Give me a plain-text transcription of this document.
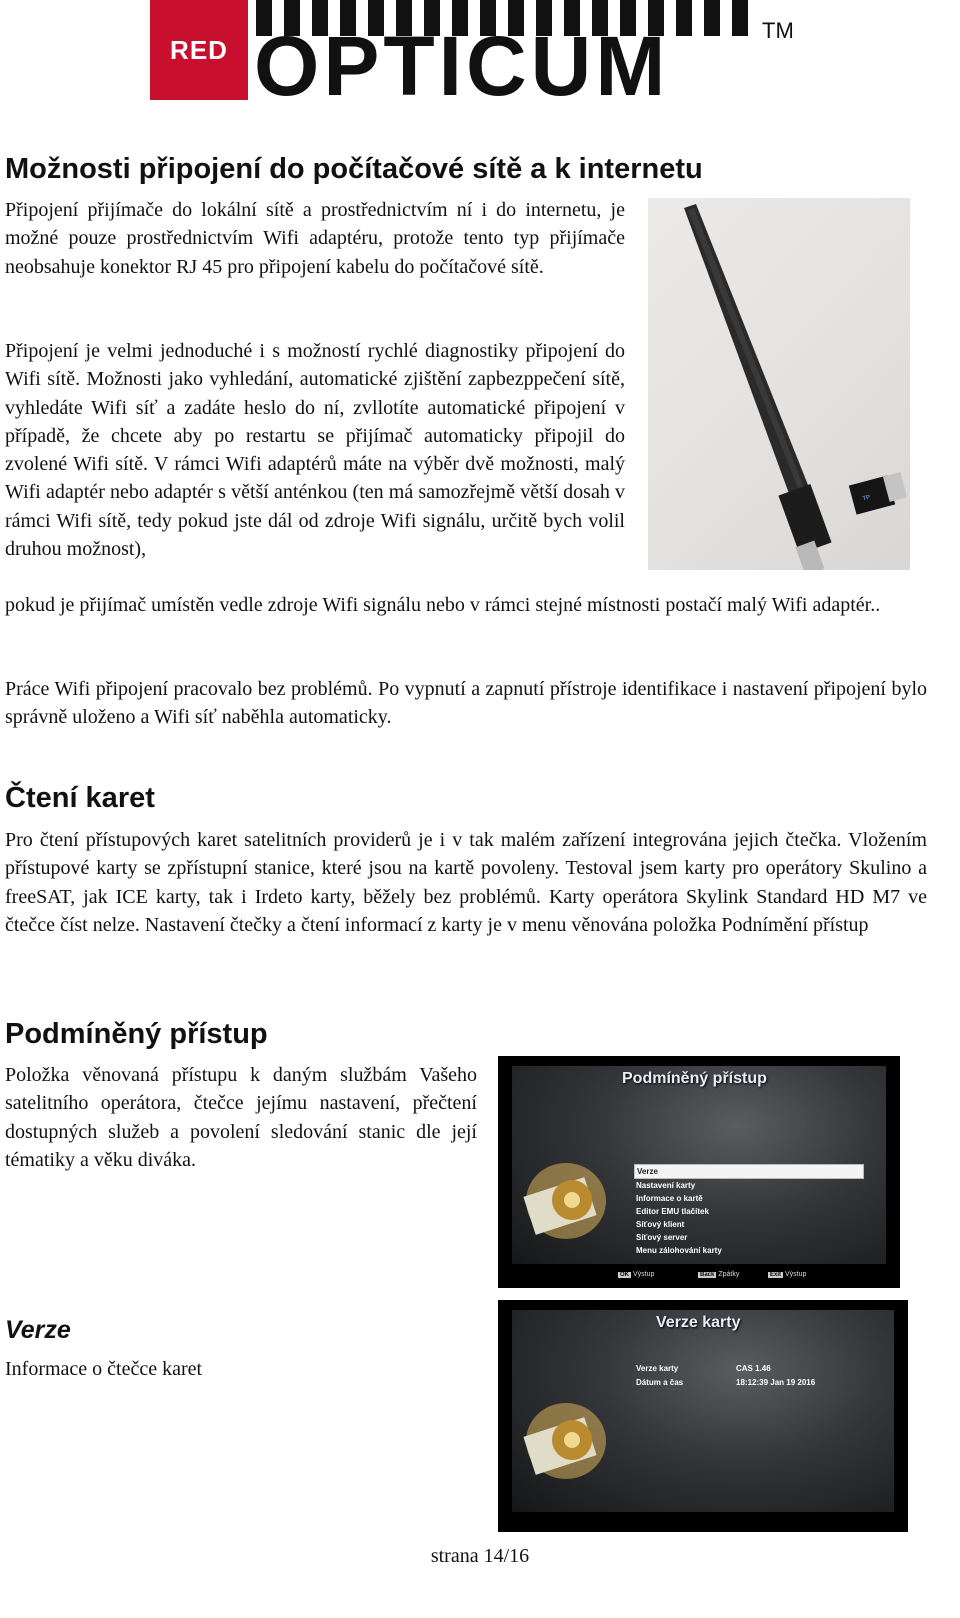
RED OPTICUM	TM
Možnosti připojení do počítačové sítě a k internetu

Připojení přijímače do lokální sítě a prostřednictvím ní i do internetu, je možné pouze prostřednictvím Wifi adaptéru, protože tento typ přijímače neobsahuje konektor RJ 45 pro připojení kabelu do počítačové sítě.

Připojení je velmi jednoduché i s možností rychlé diagnostiky připojení do Wifi sítě. Možnosti jako vyhledání, automatické zjištění zapbezppečení sítě, vyhledáte Wifi síť a zadáte heslo do ní, zvllotíte automatické připojení v případě, že chcete aby po restartu se přijímač automaticky připojil do zvolené Wifi sítě. V rámci Wifi adaptérů máte na výběr dvě možnosti, malý Wifi adaptér nebo adaptér s větší anténkou (ten má samozřejmě větší dosah v rámci Wifi sítě, tedy pokud jste dál od zdroje Wifi signálu, určitě bych volil druhou možnost),

pokud je přijímač umístěn vedle zdroje Wifi signálu nebo v rámci stejné místnosti postačí malý Wifi adaptér..

Práce Wifi připojení pracovalo bez problémů. Po vypnutí a zapnutí přístroje identifikace i nastavení připojení bylo správně uloženo a Wifi síť naběhla automaticky.

TP
Čtení karet

Pro čtení přístupových karet satelitních providerů je i v tak malém zařízení integrována jejich čtečka. Vložením přístupové karty se zpřístupní stanice, které jsou na kartě povoleny. Testoval jsem karty pro operátory Skulino a freeSAT, jak ICE karty, tak i Irdeto karty, běžely bez problémů. Karty operátora Skylink Standard HD M7 ve čtečce číst nelze. Nastavení čtečky a čtení informací z karty je v menu věnována položka Podnímění přístup

Podmíněný přístup

Položka věnovaná přístupu k daným službám Vašeho satelitního operátora, čtečce jejímu nastavení, přečtení dostupných služeb a povolení sledování stanic dle její tématiky a věku diváka.

Podmíněný přístup
Verze
Nastavení karty
Informace o kartě
Editor EMU tlačítek
Síťový klient
Síťový server
Menu zálohování karty
OK Výstup	Back Zpátky	Exit Výstup
Verze

Informace o čtečce karet

Verze karty
Verze karty	CAS 1.46
Dátum a čas	18:12:39 Jan 19 2016
strana 14/16
